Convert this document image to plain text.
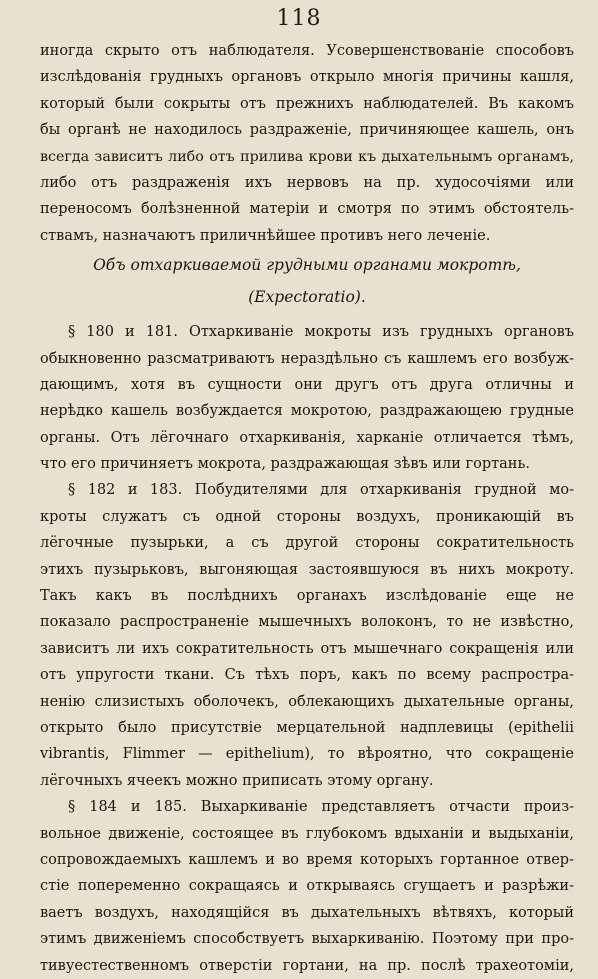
118
иногда скрыто отъ наблюдателя. Усовершенствованіе способовъ
изслѣдованія грудныхъ органовъ открыло многія причины кашля,
который были сокрыты отъ прежнихъ наблюдателей. Въ какомъ
бы органѣ не находилось раздраженіе, причиняющее кашель, онъ
всегда зависитъ либо отъ прилива крови къ дыхательнымъ органамъ,
либо отъ раздраженія ихъ нервовъ на пр. худосочіями или
переносомъ болѣзненной матеріи и смотря по этимъ обстоятель-
ствамъ, назначаютъ приличнѣйшее противъ него леченіе.
Объ отхаркиваемой грудными органами мокротѣ,
(Expectoratio).
§ 180 и 181. Отхаркиваніе мокроты изъ грудныхъ органовъ
обыкновенно разсматриваютъ нераздѣльно съ кашлемъ его возбуж-
дающимъ, хотя въ сущности они другъ отъ друга отличны и
нерѣдко кашель возбуждается мокротою, раздражающею грудные
органы. Отъ лёгочнаго отхаркиванія, харканіе отличается тѣмъ,
что его причиняетъ мокрота, раздражающая зѣвъ или гортань.
§ 182 и 183. Побудителями для отхаркиванія грудной мо-
кроты служатъ съ одной стороны воздухъ, проникающій въ
лёгочные пузырьки, а съ другой стороны сократительность
этихъ пузырьковъ, выгоняющая застоявшуюся въ нихъ мокроту.
Такъ какъ въ послѣднихъ органахъ изслѣдованіе еще не
показало распространеніе мышечныхъ волоконъ, то не извѣстно,
зависитъ ли ихъ сократительность отъ мышечнаго сокращенія или
отъ упругости ткани. Съ тѣхъ поръ, какъ по всему распростра-
ненію слизистыхъ оболочекъ, облекающихъ дыхательные органы,
открыто было присутствіе мерцательной надплевицы (epithelii
vibrantis, Flimmer — epithelium), то вѣроятно, что сокращеніе
лёгочныхъ ячеекъ можно приписать этому органу.
§ 184 и 185. Выхаркиваніе представляетъ отчасти произ-
вольное движеніе, состоящее въ глубокомъ вдыханіи и выдыханіи,
сопровождаемыхъ кашлемъ и во время которыхъ гортанное отвер-
стіе попеременно сокращаясь и открываясь сгущаетъ и разрѣжи-
ваетъ воздухъ, находящійся въ дыхательныхъ вѣтвяхъ, который
этимъ движеніемъ способствуетъ выхаркиванію. Поэтому при про-
тивуестественномъ отверстіи гортани, на пр. послѣ трахеотоміи,
